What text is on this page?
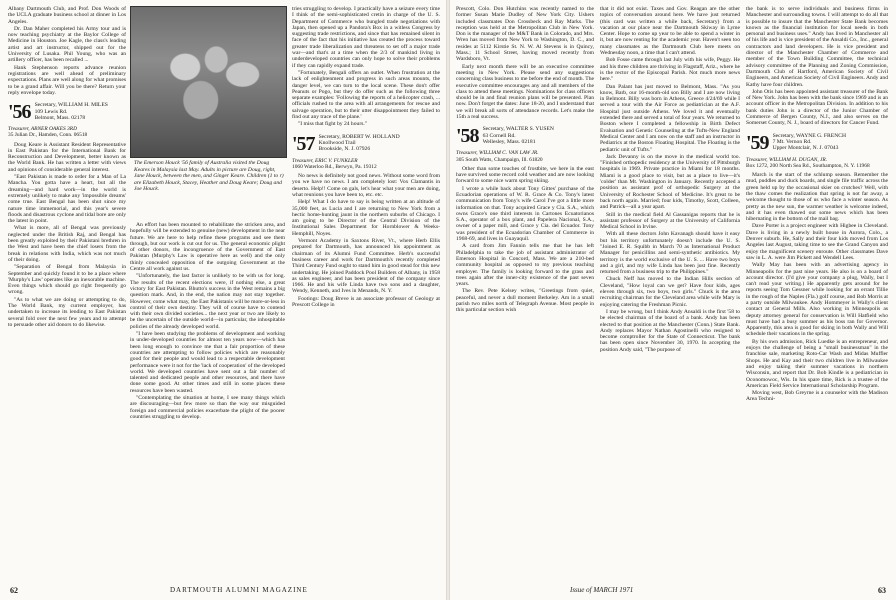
Albany Dartmouth Club, and Prof. Don Woods of the UCLA graduate business school at dinner in Los Angeles.

Dr. Dan Maher completed his Army tour and is now teaching psychiatry at the Baylor College of Medicine in Houston. Joe Kagle, the class's leading artist and art instructor, shipped out for the University of Lusaka. Phil Young, who was an artillery officer, has been recalled ...

Hank Stephenson reports advance reunion registrations are well ahead of preliminary expectations. Plans are well along for what promises to be a grand affair. Will you be there? Return your reply envelope today.

'56 Secretary, WILLIAM H. MILES
109 Lewis Rd.
Belmont, Mass. 02178
Treasurer, ABNER OAKES 3RD
35 Julian Dr., Hamden, Conn. 06518

Doug Keare is Assistant Resident Representative in East Pakistan for the International Bank for Reconstruction and Development, better known as the World Bank. He has written a letter with views and opinions of considerable general interest.

"East Pakistan is made to order for a Man of La Mancha. You gotta have a heart, but all the dreaming—and hard work—in the world is extremely unlikely to make any 'impossible dreams' come true. East Bengal has been shut since my nature time immemorial, and this year's severe floods and disastrous cyclone and tidal bore are only the latest in point.

What is more, all of Bengal was previously neglected under the British Raj, and Bengal has been greatly exploited by their Pakistani brethren in the West and have been the chief losers from the break in relations with India, which was not much of their doing.

"Separation of Bengal from Malaysia in September and quickly found it to be a place where 'Murphy's Law' operates like an inexorable machine. Even things which should go right frequently go wrong.

"As to what we are doing or attempting to do, The World Bank, my current employer, has undertaken to increase its lending to East Pakistan several fold over the next few years and to attempt to persuade other aid donors to do likewise.

The Emerson Houck '56 family of Australia visited the Doug Keares in Malaysia last May. Adults in picture are Doug, right, Jane Houck, between the men, and Ginger Keare. Children (1 to r) are Elizabeth Houck, Stacey, Heather and Doug Keare; Doug and Joe Houck.

An effort has been mounted to rehabilitate the stricken area, and hopefully will be extended to genuine (new) development in the near future. We are here to help refine these programs and see them through, but our work is cut out for us. The general economic plight of other donors, the incongruence of the Government of East Pakistan (Murphy's Law is operative here as well) and the only thinly concealed opposition of the outgoing Government at the Centre all work against us.

"Unfortunately, the last factor is unlikely to be with us for long. The results of the recent elections were, if nothing else, a great victory for East Pakistan. Bhutto's success in the West remains a big question mark. And, in the end, the nation may not stay together. However, come what may, the East Pakistanis will be more-or-less in control of their own destiny. They will of course have to contend with their own divided societies... the next year or two are likely to be the uncertain of the outside world—in particular, the inhospitable policies of the already developed world.

"I have been studying the problems of development and working in under-developed countries for almost ten years now—which has been long enough to convince me that a fair proportion of these countries are attempting to follow policies which are reasonably good for their people and would lead to a respectable development performance were it not for the 'lack of cooperation' of the developed world. We developed countries have sent out a fair number of talented and dedicated people and other resources, and there have done some good. At other times and still in some places these resources have been wasted.

"Contemplating the situation at home, I see many things which are discouraging—but few more so than the way our misguided foreign and commercial policies exacerbate the plight of the poorer countries struggling to develop.

tries struggling to develop. I practically have a seizure every time I think of the semi-sophisticated cretin in charge of the U. S. Department of Commerce who bungled trade negotiations with Japan, then opened up a Pandora's Box in a witless Congress by suggesting trade restrictions, and since that has remained silent in face of the fact that his initiative has created the process toward greater trade liberalization and threatens to set off a major trade war—and that's at a time when the 2/3 of mankind living in underdeveloped countries can only hope to solve their problems if they can rapidly expand trade.

"Fortunately, Bengali offers an outlet. When frustration at the lack of enlightenment and progress in such areas mounts, the danger level, we can turn to the local scene. These don't offer Peanuts or Pogo, but they do offer such as the following three separate examples: 'Following the reports of a helicopter crash, ... officials rushed to the area with all arrangements for rescue and salvage operation, but to their utter disappointment they failed to find out any trace of the plane.'

"I miss that fight by 24 hours."

'57 Secretary, ROBERT W. HOLLAND
Knollwood Trail
Brookside, N. J. 07926
Treasurer, ERIC V. FUNKLER
1060 Waterloo Rd., Berwyn, Pa. 19312

No news is definitely not good news. Without some word from you we have no news. I am completely lost: Vox Clamantis in deserto. Help!! Come on gals, let's hear what your men are doing, what reunions you have been to, etc. etc.

Help! What I do have to say is being written at an altitude of 35,000 feet, as Lucia and I are returning to New York from a hectic home-hunting jaunt in the northern suburbs of Chicago. I am going to be Director of the Central Division of the Institutional Sales Department for Hornblower & Weeks-Hemphill, Noyes.

Vermont Academy in Saxtons River, Vt., where Herb Ellis prepared for Dartmouth, has announced his appointment as chairman of its Alumni Fund Committee. Herb's successful business career and work for Dartmouth's recently completed Third Century Fund ought to stand him in good stead for this new undertaking. He joined Paddock Pool Builders of Albany, in 1958 as sales engineer, and has been president of the company since 1966. He and his wife Linda have two sons and a daughter, Wendy, Kenneth, and Ives in Menands, N. Y.

Footings: Doug Breve is an associate professor of Geology at Prescott College in

62	DARTMOUTH ALUMNI MAGAZINE

Prescott, Colo. Don Hutchins was recently named to the former Susan Marie Dudley of New York City. Ushers included classmates Don Crossbeck and Ray Marks. The reception was held at the Metropolitan Club in New York. Don is the manager of the M&T Bank in Colorado, and Mrs. Wren has moved from New York to Washington, D. C., and resides at 5112 Kirstie St. N. W. Al Stevens is in Quincy, Mass.; 11 School Street, having moved recently from Wardsboro, Vt.

Early next month there will be an executive committee meeting in New York. Please send any suggestions concerning class business to me before the end of month. The executive committee encourages any and all members of the class to attend these meetings. Nominations for class officers should be in and final reunion plans will be presented. Plan now. Don't forget the dates: June 18-20, and I understand that we will break all sorts of attendance records. Let's make the 15th a real success.

'58 Secretary, WALTER S. YUSEN
63 Cornell Rd.
Wellesley, Mass. 02181
Treasurer, WILLIAM C. VAN LAW JR.
305 South Watts, Champaign, Ill. 61820

Other than some touches of frostbite, we here in the east have survived some record cold weather and are now looking forward to some nice warm spring skiing.

I wrote a while back about Tony Gittes' purchase of the Ecuadorian operations of W. R. Grace & Co. Tony's latest communication from Tony's wife Carol I've got a little more information on that. Tony acquired Grace y Cia. S.A., which owns Grace's one third interests in Cartones Ecuatorianos S.A., operator of a box plant, and Papelera Nacional, S.A., owner of a paper mill, and Grace y Cia. del Ecuador. Tony was president of the Ecuadorian Chamber of Commerce in 1968-69, and lives in Guayaquil.

A card from Jim Fannin tells me that he has left Philadelphia to take the job of assistant administrator of Emerson Hospital in Concord, Mass. We are a 210-bed community hospital as opposed to my previous teaching employer. The family is looking forward to the grass and trees again after the inner-city existence of the past seven years.

The Rev. Pete Kelsey writes, "Greetings from quiet, peaceful, and never a dull moment Berkeley. Am in a small parish two miles north of Telegraph Avenue. Most people in this particular section wish

that it did not exist. Taxes and Gov. Reagan are the other topics of conversation around here. We have just returned (this card was written a while back, Secretary) from a vacation at our place near the Dartmouth Skiway in Lyme Center. Hope to come up year to be able to spend a winter in it, but are now renting for the academic year. Haven't seen too many classmates as the Dartmouth Club here meets on Wednesday noon, a time that I can't attend.

Bob Fosse came through last July with his wife, Peggy. He and his three children are thriving in Flagstaff, Ariz., where he is the rector of the Episcopal Parish. Not much more news here."

Dan Palant has just moved to Belmont, Mass. "As you know, Barb, our 16-month-old son Billy and I are now living in Belmont. Billy was born in Athens, Greece 4/24/69 while I served a tour with the Air Force as pediatrician at the A.F. Hospital just outside Athens. We loved it and eventually extended there and served a total of four years. We returned to Boston where I completed a fellowship in Birth Defect Evaluation and Genetic Counseling at the Tufts-New England Medical Center and I am now on the staff and an instructor in Pediatrics at the Boston Floating Hospital. The Floating is the pediatric unit of Tufts."

Jack Devanny is on the move in the medical world too. "Finished orthopedic residency at the University of Pittsburgh hospitals in 1969. Private practice in Miami for 18 months. Miami is a good place to visit, but as a place to live—it's 'colder' than Mt. Washington in January. Recently accepted a position as assistant prof of orthopedic Surgery at the University of Rochester School of Medicine. It's great to be back north again. Married; four kids, Timothy, Scott, Colleen, and Patrick—all a year apart.

Still in the medical field Al Gassanigas reports that he is assistant professor of Surgery at the University of California Medical School in Irvine.

With all these doctors John Kavanagh should have it easy but his territory unfortunately doesn't include the U. S. "Joined E. R. Squibb in March 70 as International Product Manager for penicillins and semi-synthetic antibiotics. My territory is the world exclusive of the U. S. ... Have two boys and a girl, and my wife Linda has been just fine. Recently returned from a business trip to the Philippines."

Chuck Neff has moved to the Indian Hills section of Cleveland, "How loyal can we get? Have four kids, ages eleven through six, two boys, two girls." Chuck is the area recruiting chairman for the Cleveland area while wife Mary is enjoying catering the Freshman Picnic.

I may be wrong, but I think Andy Ansaldi is the first '58 to be elected chairman of the board of a bank. Andy has been elected to that position at the Manchester (Conn.) State Bank. Andy replaces Mayor Nathan Agostinelli who resigned to become comptroller for the State of Connecticut. The bank has been open since November 30, 1970. In accepting the position Andy said, "The purpose of

the bank is to serve individuals and business firms in Manchester and surrounding towns. I will attempt to do all that is possible to insure that the Manchester State Bank becomes known as the financial institution for local needs in both personal and business uses." Andy has lived in Manchester all of his life and is vice president of the Ansaldi Co., Inc., general contractors and land developers. He is vice president and director of the Manchester Chamber of Commerce and member of the Town Building Committee, the technical advisory committee of the Planning and Zoning Commission, Dartmouth Club of Hartford, American Society of Civil Engineers, and American Society of Civil Engineers. Andy and Kathy have four children.

John Otis has been appointed assistant treasurer of the Bank of New York. John has been with the bank since 1969 and is an account officer in the Metropolitan Division. In addition to his bank duties John is a director of the Junior Chamber of Commerce of Bergen County, N.J., and also serves on the Somerset County, N. J., board of directors for Cancer Fund.

'59 Secretary, WAYNE G. FRENCH
7 Mt. Vernon Rd.
Upper Montclair, N. J. 07043
Treasurer, WILLIAM H. DUGAN, JR.
Box 1272, 200 North Sea Rd., Southampton, N. Y. 11968

March is the start of the schlump season. Remember the mud, puddles and duck boards, and single file traffic across the green held up by the occasional skier on crutches? Well, with the thaw comes the realization that spring is not far away, a welcome thought to those of us who face a winter season. As pretty as the new sun, the warmer weather is welcome indeed, and it has even thawed out some news which has been hibernating in the bottom of the mail bag.

Dave Porter is a project engineer with Higbee in Cleveland. Dave is living in a newly built house in Aurora, Colo., a Denver suburb. He, Sally and their four kids moved from Los Angeles last August, taking time to see the Grand Canyon and enjoy the magnificent scenery enroute. Other classmates Dave saw in L. A. were Jim Pickett and Wendell Lees.

Wally May has been with an advertising agency in Minneapolis for the past nine years. He also is on a board of account director. (I'd give your company a plug, Wally, but I can't read your writing.) He apparently gets around for he reports seeing Tom Gessner while looking for an errant Tillie in the rough of the Naples (Fla.) golf course, and Bob Morris at a party outside Milwaukee. Andy Hommeyer is Wally's client contact at General Mills. Also working in Minneapolis as deputy attorney general for conservation is Will Hatfield who must have had a busy summer as his boss ran for Governor. Apparently, this area is good for skiing in both Wally and Will schedule their vacations in the spring.

By his own admission, Rick Luedke is an entrepreneur, and enjoys the challenge of being a "small businessman" in the franchise sale, marketing Roto-Car Wash and Midas Muffler Shops. He and Kay and their two children live in Milwaukee and enjoy taking their summer vacations in northern Wisconsin, and report that Dr. Bob Kindle is a pediatrician in Oconomowoc, Wis. In his spare time, Rick is a trustee of the American Field Service International Scholarship Program.

Moving west, Bob Greyrne is a counselor with the Madison Area Techni-

Issue of MARCH 1971	63
